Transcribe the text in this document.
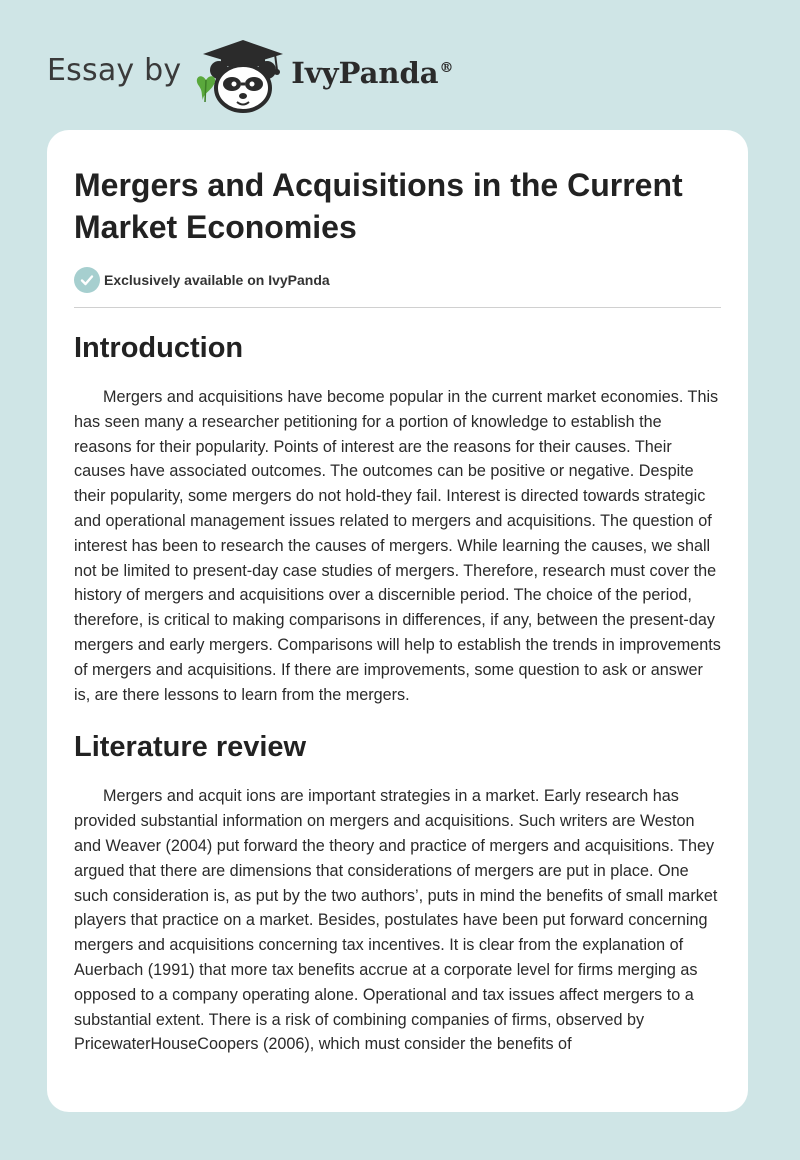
Essay by	IvyPanda®
Mergers and Acquisitions in the Current Market Economies
Exclusively available on IvyPanda
Introduction

Mergers and acquisitions have become popular in the current market economies. This has seen many a researcher petitioning for a portion of knowledge to establish the reasons for their popularity. Points of interest are the reasons for their causes. Their causes have associated outcomes. The outcomes can be positive or negative. Despite their popularity, some mergers do not hold-they fail. Interest is directed towards strategic and operational management issues related to mergers and acquisitions. The question of interest has been to research the causes of mergers. While learning the causes, we shall not be limited to present-day case studies of mergers. Therefore, research must cover the history of mergers and acquisitions over a discernible period. The choice of the period, therefore, is critical to making comparisons in differences, if any, between the present-day mergers and early mergers. Comparisons will help to establish the trends in improvements of mergers and acquisitions. If there are improvements, some question to ask or answer is, are there lessons to learn from the mergers.

Literature review

Mergers and acquit ions are important strategies in a market. Early research has provided substantial information on mergers and acquisitions. Such writers are Weston and Weaver (2004) put forward the theory and practice of mergers and acquisitions. They argued that there are dimensions that considerations of mergers are put in place. One such consideration is, as put by the two authors’, puts in mind the benefits of small market players that practice on a market. Besides, postulates have been put forward concerning mergers and acquisitions concerning tax incentives. It is clear from the explanation of Auerbach (1991) that more tax benefits accrue at a corporate level for firms merging as opposed to a company operating alone. Operational and tax issues affect mergers to a substantial extent. There is a risk of combining companies of firms, observed by PricewaterHouseCoopers (2006), which must consider the benefits of
